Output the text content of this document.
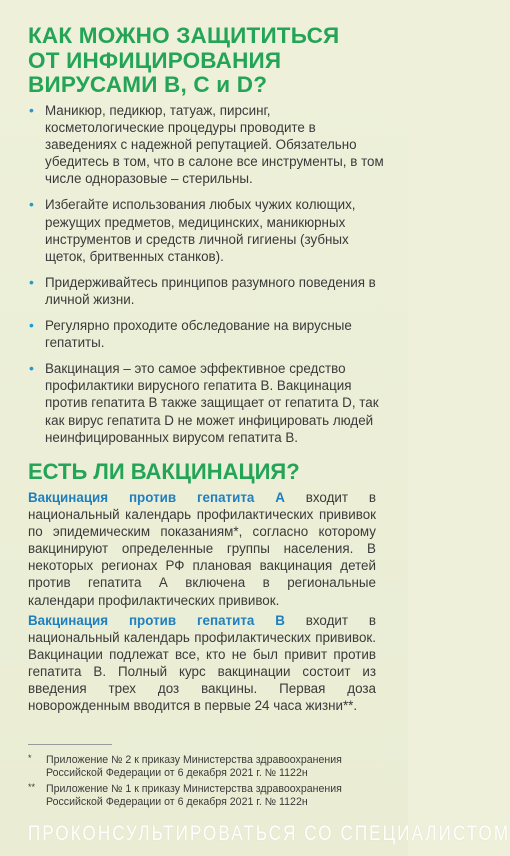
КАК МОЖНО ЗАЩИТИТЬСЯ
ОТ ИНФИЦИРОВАНИЯ
ВИРУСАМИ В, С и D?
• Маникюр, педикюр, татуаж, пирсинг, косметологические процедуры проводите в заведениях с надежной репутацией. Обязательно убедитесь в том, что в салоне все инструменты, в том числе одноразовые – стерильны.
• Избегайте использования любых чужих колющих, режущих предметов, медицинских, маникюрных инструментов и средств личной гигиены (зубных щеток, бритвенных станков).
• Придерживайтесь принципов разумного поведения в личной жизни.
• Регулярно проходите обследование на вирусные гепатиты.
• Вакцинация – это самое эффективное средство профилактики вирусного гепатита В. Вакцинация против гепатита В также защищает от гепатита D, так как вирус гепатита D не может инфицировать людей неинфицированных вирусом гепатита В.
ЕСТЬ ЛИ ВАКЦИНАЦИЯ?

Вакцинация против гепатита А входит в национальный календарь профилактических прививок по эпидемическим показаниям*, согласно которому вакцинируют определенные группы населения. В некоторых регионах РФ плановая вакцинация детей против гепатита А включена в региональные календари профилактических прививок.

Вакцинация против гепатита В входит в национальный календарь профилактических прививок. Вакцинации подлежат все, кто не был привит против гепатита В. Полный курс вакцинации состоит из введения трех доз вакцины. Первая доза новорожденным вводится в первые 24 часа жизни**.

* Приложение № 2 к приказу Министерства здравоохранения Российской Федерации от 6 декабря 2021 г. № 1122н
** Приложение № 1 к приказу Министерства здравоохранения Российской Федерации от 6 декабря 2021 г. № 1122н
ПРОКОНСУЛЬТИРОВАТЬСЯ СО СПЕЦИАЛИСТОМ
